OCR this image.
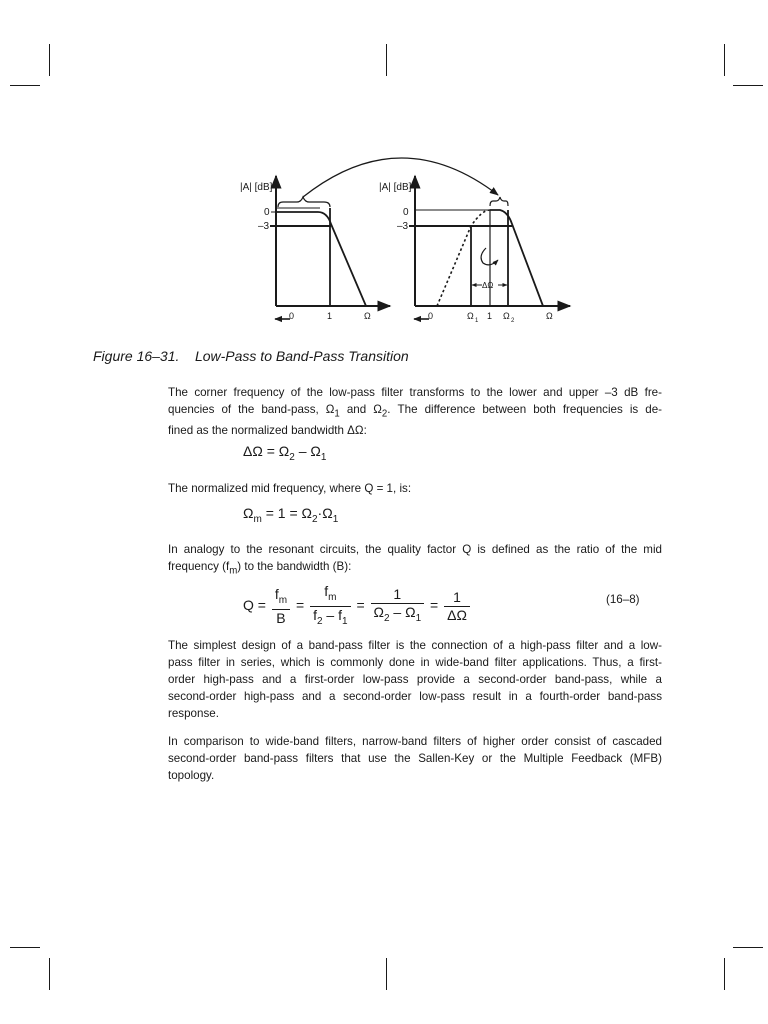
|A| [dB]
0
–3
0	1	Ω
|A| [dB]
0
–3
ΔΩ
0	Ω 1 1 Ω 2	Ω
Figure 16–31.    Low-Pass to Band-Pass Transition
The corner frequency of the low-pass filter transforms to the lower and upper –3 dB fre-
quencies of the band-pass, $\Omega_1$ and $\Omega_2$. The difference between both frequencies is de-
fined as the normalized bandwidth ΔΩ:
$\Delta\Omega = \Omega_2 - \Omega_1$
The normalized mid frequency, where Q = 1, is:
$\Omega_m = 1 = \Omega_2\cdot\Omega_1$
In analogy to the resonant circuits, the quality factor Q is defined as the ratio of the mid
frequency $(f_m)$ to the bandwidth (B):
$Q = \frac{f_m}{B} = \frac{f_m}{f_2 - f_1} = \frac{1}{\Omega_2 - \Omega_1} = \frac{1}{\Delta\Omega}$	(16–8)
The simplest design of a band-pass filter is the connection of a high-pass filter and a low-
pass filter in series, which is commonly done in wide-band filter applications. Thus, a first-
order high-pass and a first-order low-pass provide a second-order band-pass, while a
second-order high-pass and a second-order low-pass result in a fourth-order band-pass
response.
In comparison to wide-band filters, narrow-band filters of higher order consist of cascaded
second-order band-pass filters that use the Sallen-Key or the Multiple Feedback (MFB)
topology.
